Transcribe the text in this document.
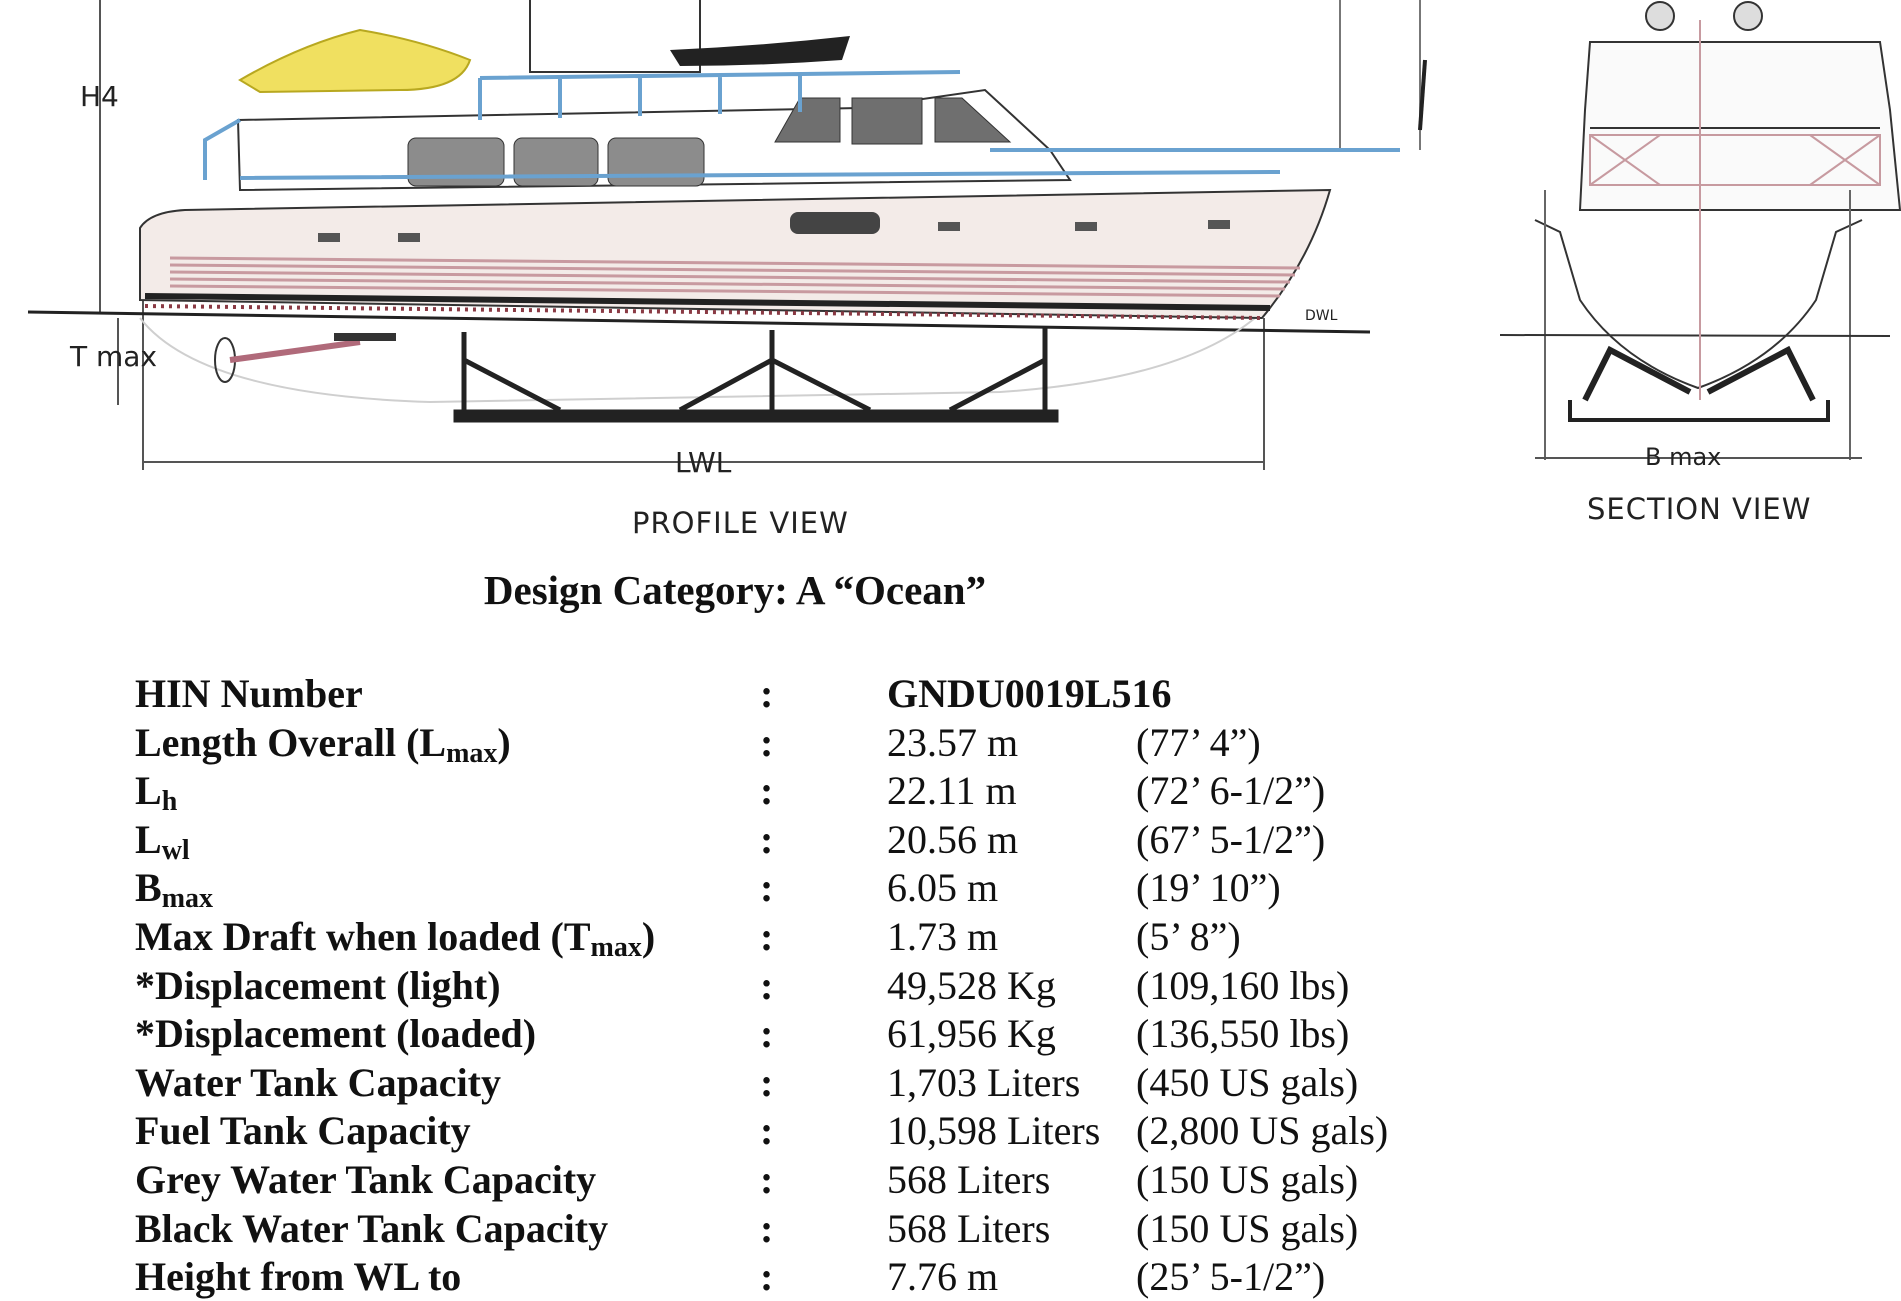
H4
T max
LWL
DWL
B max
PROFILE VIEW	SECTION VIEW
Design Category: A “Ocean”
HIN Number	:	GNDU0019L516
Length Overall $(L_{max})$	:	23.57 m	(77’ 4”)
$L_h$	:	22.11 m	(72’ 6-1/2”)
$L_{wl}$	:	20.56 m	(67’ 5-1/2”)
$B_{max}$	:	6.05 m	(19’ 10”)
Max Draft when loaded $(T_{max})$	:	1.73 m	(5’ 8”)
*Displacement (light)	:	49,528 Kg (109,160 lbs)
*Displacement (loaded)	:	61,956 Kg (136,550 lbs)
Water Tank Capacity	:	1,703 Liters (450 US gals)
Fuel Tank Capacity	:	10,598 Liters (2,800 US gals)
Grey Water Tank Capacity	:	568 Liters (150 US gals)
Black Water Tank Capacity	:	568 Liters (150 US gals)
Height from WL to	:	7.76 m	(25’ 5-1/2”)
